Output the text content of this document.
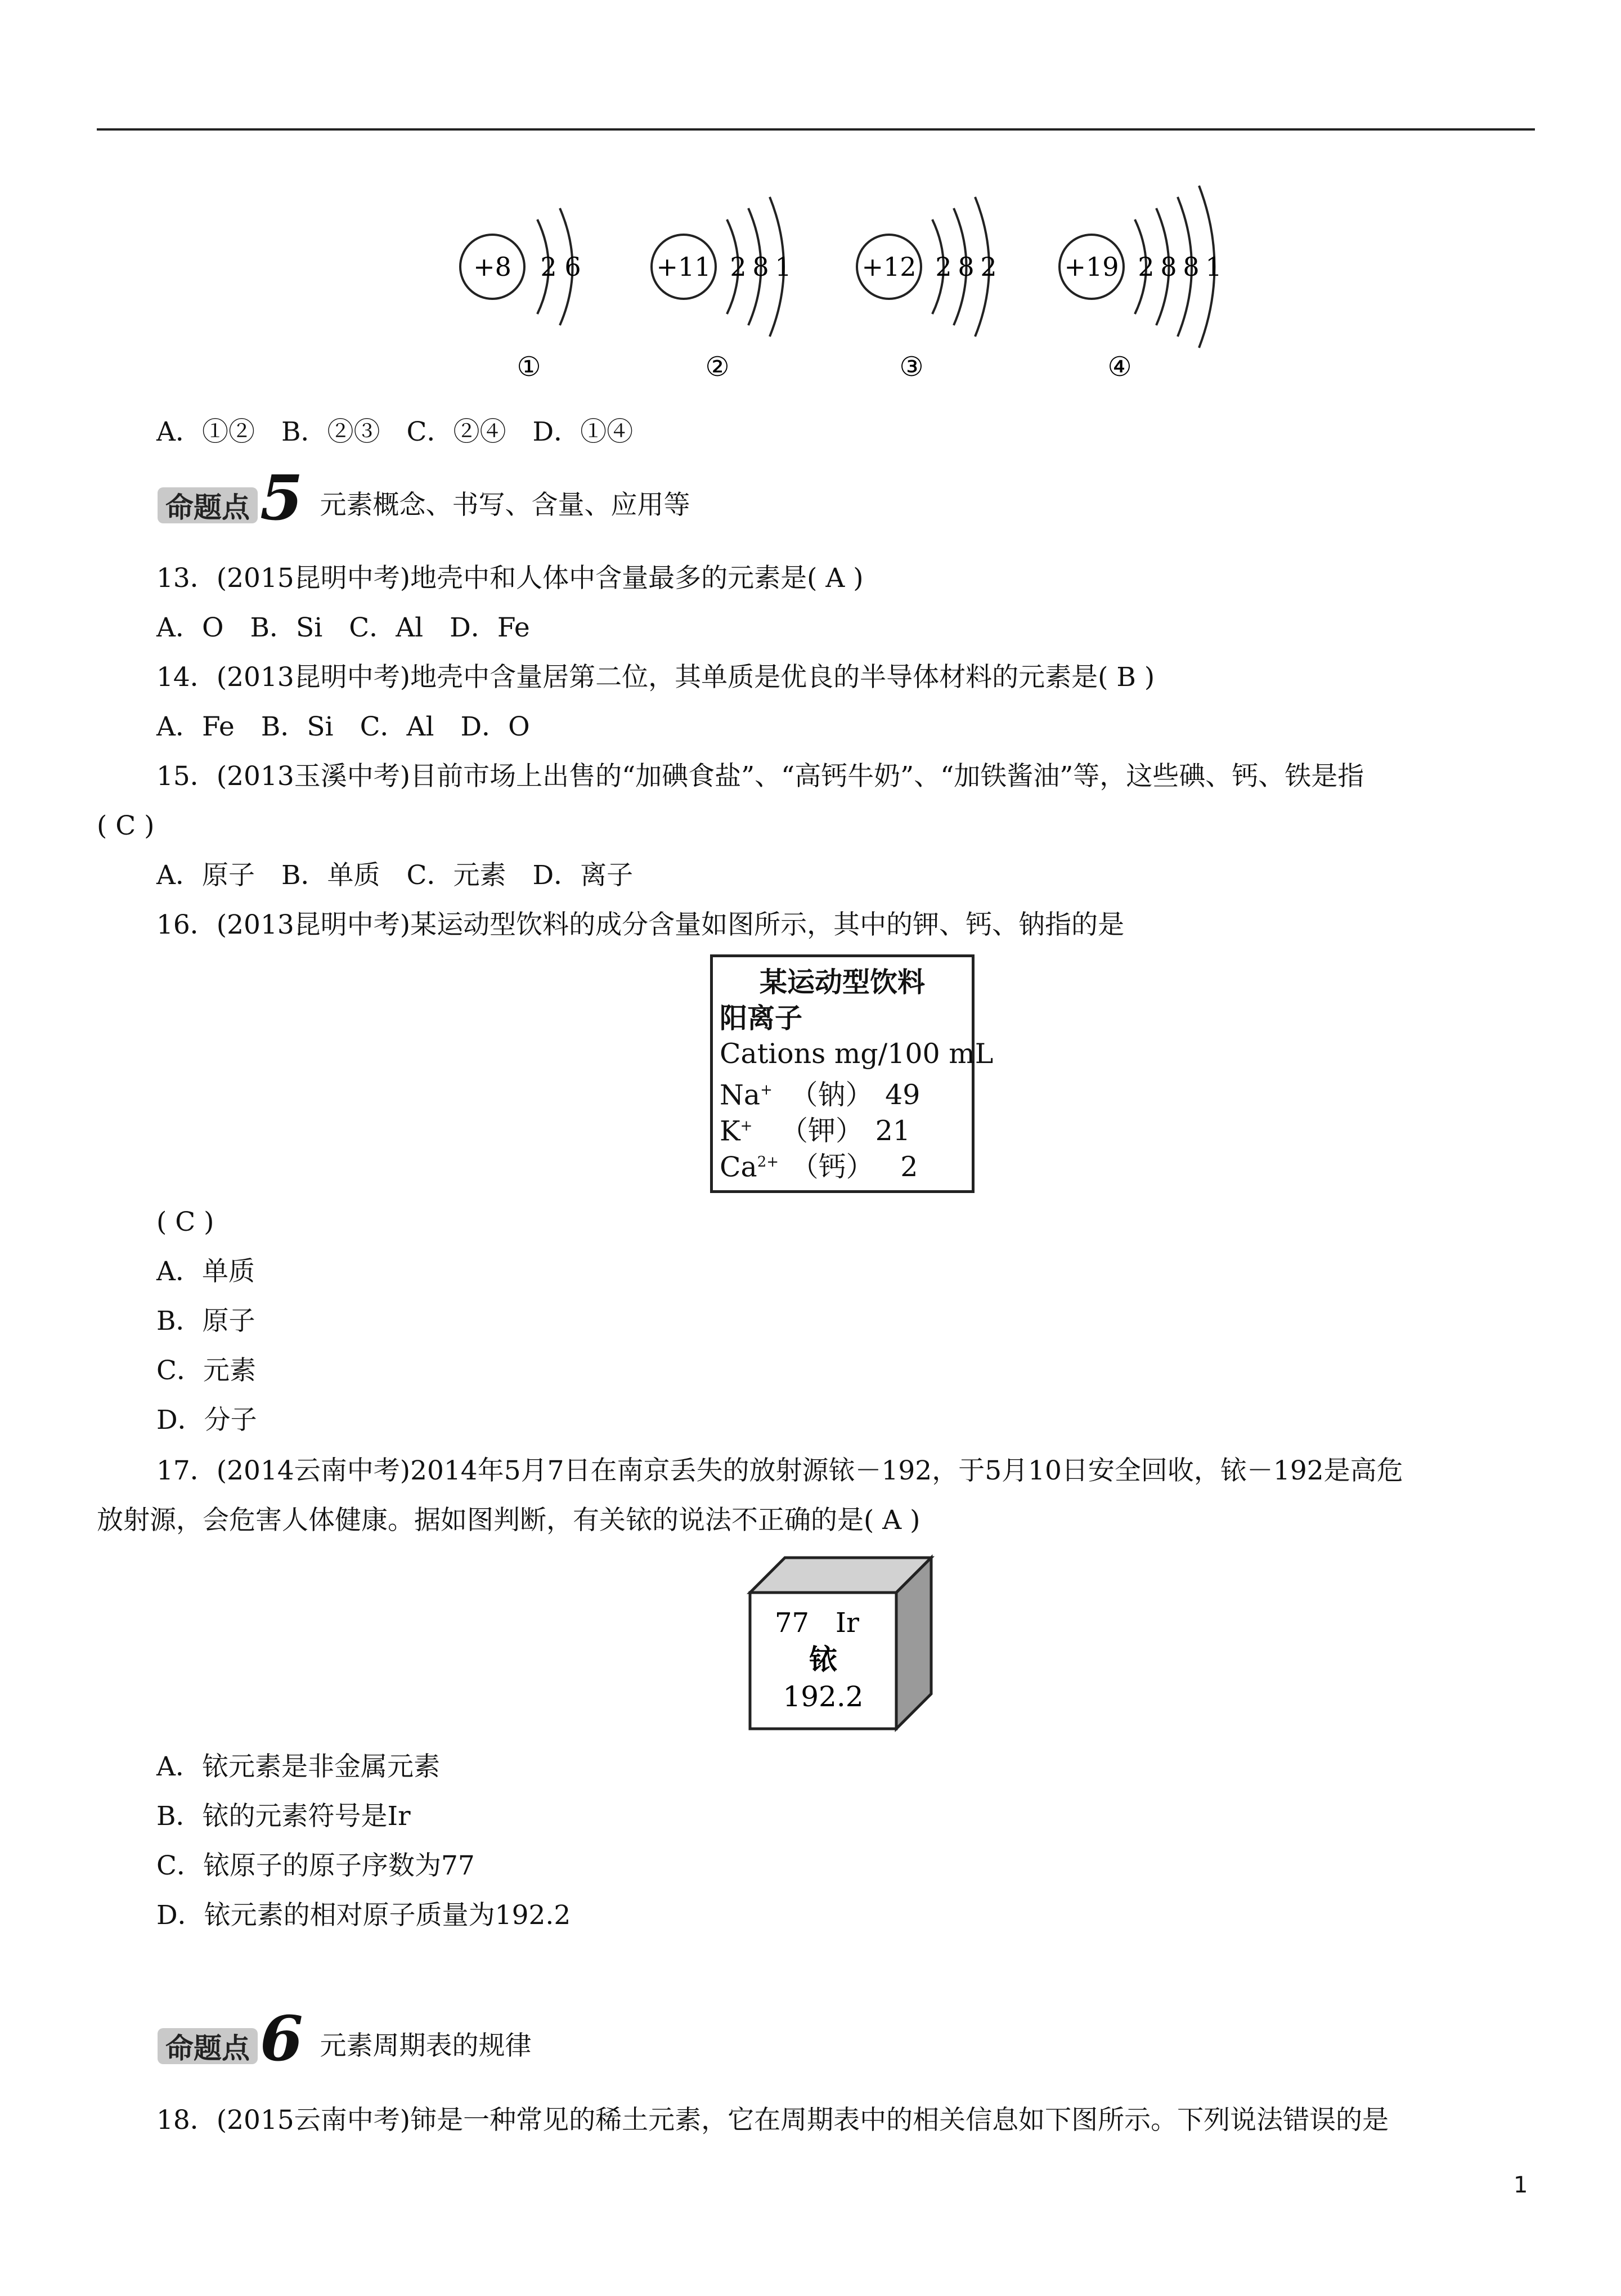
+8 2 6
①
+11 2 8 1
②
+12 2 8 2
③
+19 2 8 8 1
④
A．①②　B．②③　C．②④　D．①④
命题点 5 元素概念、书写、含量、应用等
13．(2015昆明中考)地壳中和人体中含量最多的元素是( A )
A．O　B．Si　C．Al　D．Fe
14．(2013昆明中考)地壳中含量居第二位，其单质是优良的半导体材料的元素是( B )
A．Fe　B．Si　C．Al　D．O
15．(2013玉溪中考)目前市场上出售的“加碘食盐”、“高钙牛奶”、“加铁酱油”等，这些碘、钙、铁是指
( C )
A．原子　B．单质　C．元素　D．离子
16．(2013昆明中考)某运动型饮料的成分含量如图所示，其中的钾、钙、钠指的是
某运动型饮料
阳离子
Cations mg/100 mL
Na+ （钠） 49
K+ （钾） 21
$Ca^{2+}$ （钙） 2
( C )
A．单质
B．原子
C．元素
D．分子
17．(2014云南中考)2014年5月7日在南京丢失的放射源铱－192，于5月10日安全回收，铱－192是高危
放射源，会危害人体健康。据如图判断，有关铱的说法不正确的是( A )
77 Ir
铱
192.2
A．铱元素是非金属元素
B．铱的元素符号是Ir
C．铱原子的原子序数为77
D．铱元素的相对原子质量为192.2
命题点 6 元素周期表的规律
18．(2015云南中考)铈是一种常见的稀土元素，它在周期表中的相关信息如下图所示。下列说法错误的是
1
